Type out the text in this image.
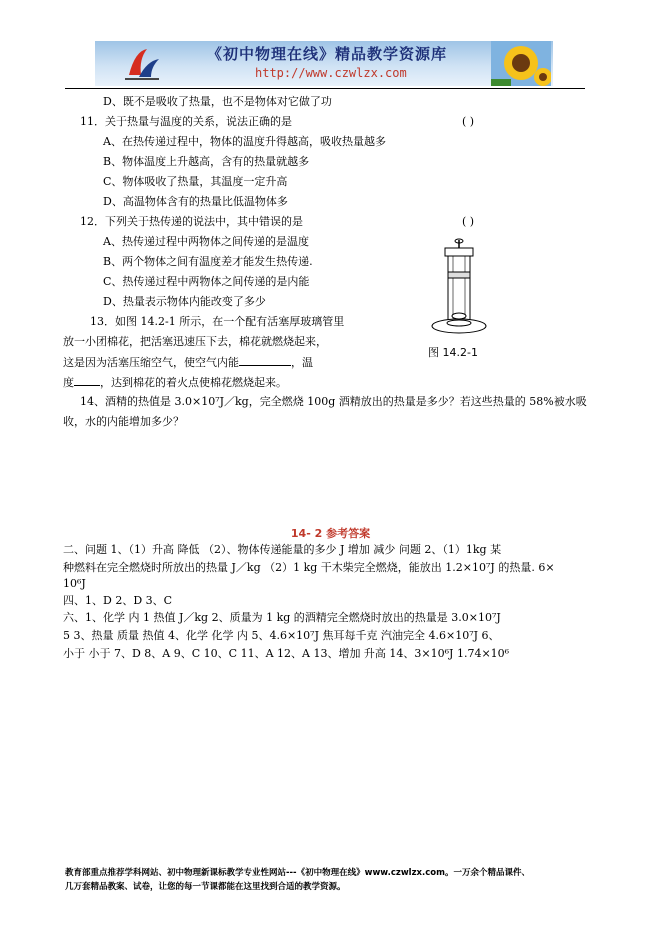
《初中物理在线》精品教学资源库
http://www.czwlzx.com
D、既不是吸收了热量，也不是物体对它做了功
11．关于热量与温度的关系，说法正确的是	( )
A、在热传递过程中，物体的温度升得越高，吸收热量越多
B、物体温度上升越高，含有的热量就越多
C、物体吸收了热量，其温度一定升高
D、高温物体含有的热量比低温物体多
12．下列关于热传递的说法中，其中错误的是	( )
A、热传递过程中两物体之间传递的是温度
B、两个物体之间有温度差才能发生热传递.
C、热传递过程中两物体之间传递的是内能
D、热量表示物体内能改变了多少
13．如图 14.2-1 所示，在一个配有活塞厚玻璃管里
放一小团棉花，把活塞迅速压下去，棉花就燃烧起来，
这是因为活塞压缩空气，使空气内能	，温
度 ，达到棉花的着火点使棉花燃烧起来。
图 14.2-1
14、酒精的热值是 3.0×10⁷J／kg，完全燃烧 100g 酒精放出的热量是多少？若这些热量的 58%被水吸
收，水的内能增加多少？
14- 2 参考答案
二、问题 1、（1）升高 降低 （2）、物体传递能量的多少 J 增加 减少 问题 2、（1）1kg 某
种燃料在完全燃烧时所放出的热量 J／kg （2）1 kg 干木柴完全燃烧，能放出 1.2×10⁷J 的热量. 6×
10⁶J
四、1、D 2、D 3、C
六、1、化学 内 1 热值 J／kg 2、质量为 1 kg 的酒精完全燃烧时放出的热量是 3.0×10⁷J
5 3、热量 质量 热值 4、化学 化学 内 5、4.6×10⁷J 焦耳每千克 汽油完全 4.6×10⁷J 6、
小于 小于 7、D 8、A 9、C 10、C 11、A 12、A 13、增加 升高 14、3×10⁶J 1.74×10⁶
教育部重点推荐学科网站、初中物理新课标教学专业性网站---《初中物理在线》www.czwlzx.com。一万余个精品课件、
几万套精品教案、试卷，让您的每一节课都能在这里找到合适的教学资源。
